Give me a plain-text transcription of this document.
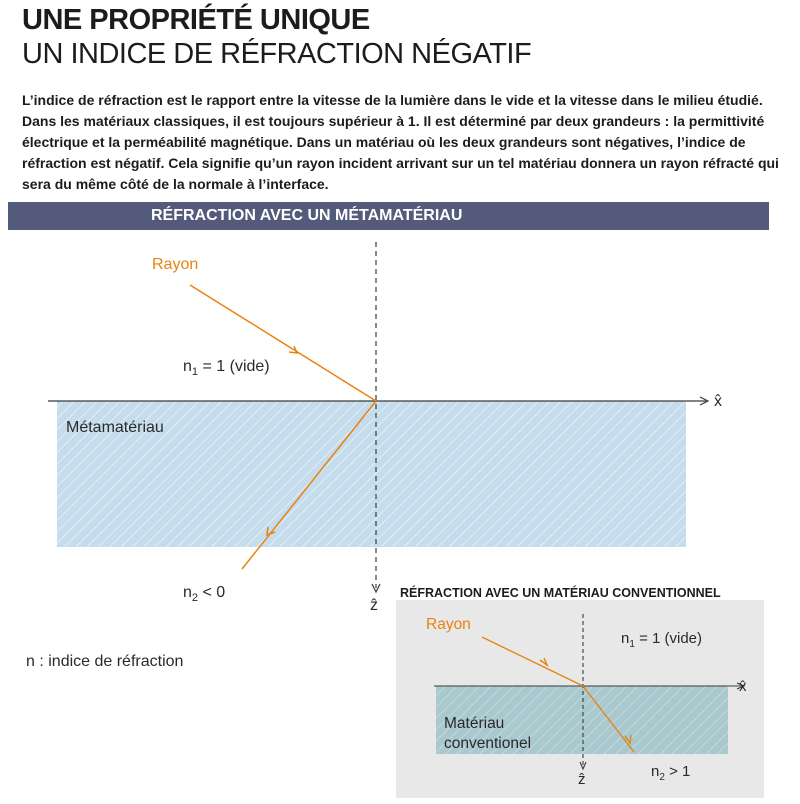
UNE PROPRIÉTÉ UNIQUE
UN INDICE DE RÉFRACTION NÉGATIF

L’indice de réfraction est le rapport entre la vitesse de la lumière dans le vide et la vitesse dans le milieu étudié. Dans les matériaux classiques, il est toujours supérieur à 1. Il est déterminé par deux grandeurs : la permittivité électrique et la perméabilité magnétique. Dans un matériau où les deux grandeurs sont négatives, l’indice de réfraction est négatif. Cela signifie qu’un rayon incident arrivant sur un tel matériau donnera un rayon réfracté qui sera du même côté de la normale à l’interface.

RÉFRACTION AVEC UN MÉTAMATÉRIAU
Rayon
$n_1 = 1$ (vide)
Métamatériau
$n_2 < 0$
x̂
ẑ
n : indice de réfraction
RÉFRACTION AVEC UN MATÉRIAU CONVENTIONNEL
Rayon
$n_1 = 1$ (vide)
Matériau
conventionel
$n_2 > 1$
x̂
ẑ
